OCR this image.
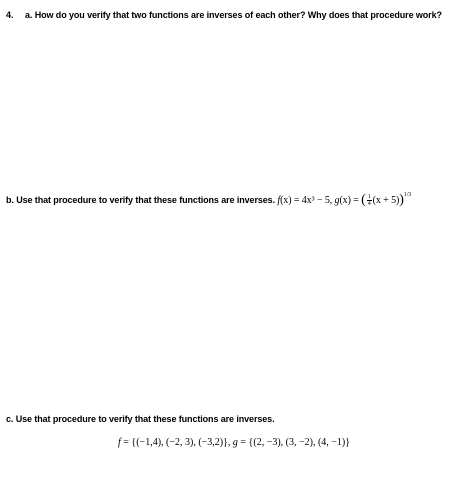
4. a. How do you verify that two functions are inverses of each other? Why does that procedure work?
b. Use that procedure to verify that these functions are inverses. f(x) = 4x³ − 5, g(x) = ( $\frac{1}{4} (x + 5))^{1/3}$
c. Use that procedure to verify that these functions are inverses.
f = {(−1,4), (−2, 3), (−3,2)}, g = {(2, −3), (3, −2), (4, −1)}
